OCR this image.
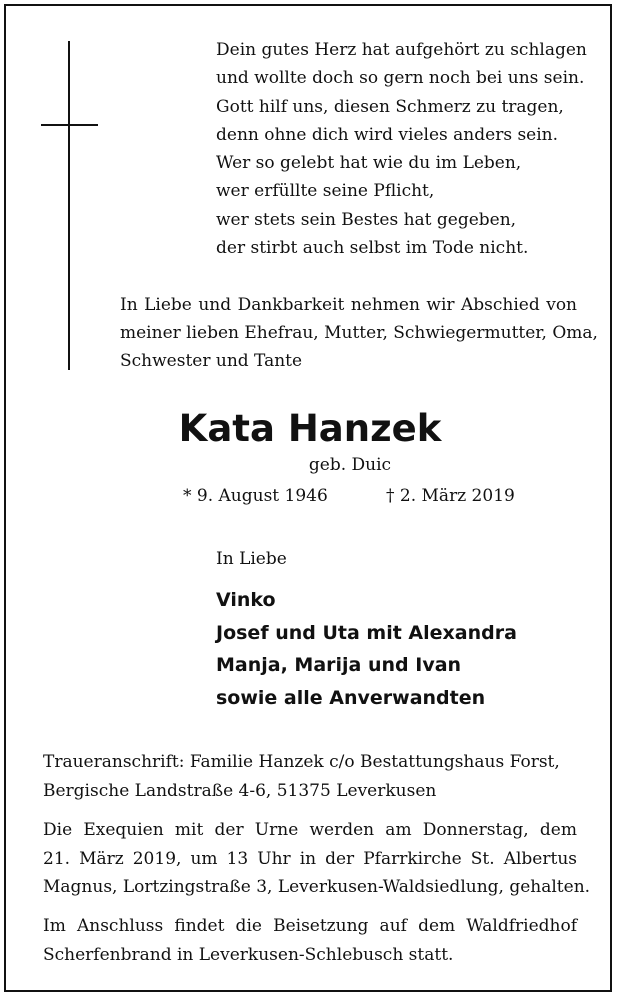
Dein gutes Herz hat aufgehört zu schlagen
und wollte doch so gern noch bei uns sein.
Gott hilf uns, diesen Schmerz zu tragen,
denn ohne dich wird vieles anders sein.
Wer so gelebt hat wie du im Leben,
wer erfüllte seine Pflicht,
wer stets sein Bestes hat gegeben,
der stirbt auch selbst im Tode nicht.
In Liebe und Dankbarkeit nehmen wir Abschied von
meiner lieben Ehefrau, Mutter, Schwiegermutter, Oma,
Schwester und Tante
Kata Hanzek
geb. Duic
* 9. August 1946	† 2. März 2019
In Liebe
Vinko
Josef und Uta mit Alexandra
Manja, Marija und Ivan
sowie alle Anverwandten
Traueranschrift: Familie Hanzek c/o Bestattungshaus Forst,
Bergische Landstraße 4-6, 51375 Leverkusen
Die Exequien mit der Urne werden am Donnerstag, dem
21. März 2019, um 13 Uhr in der Pfarrkirche St. Albertus
Magnus, Lortzingstraße 3, Leverkusen-Waldsiedlung, gehalten.
Im Anschluss findet die Beisetzung auf dem Waldfriedhof
Scherfenbrand in Leverkusen-Schlebusch statt.
